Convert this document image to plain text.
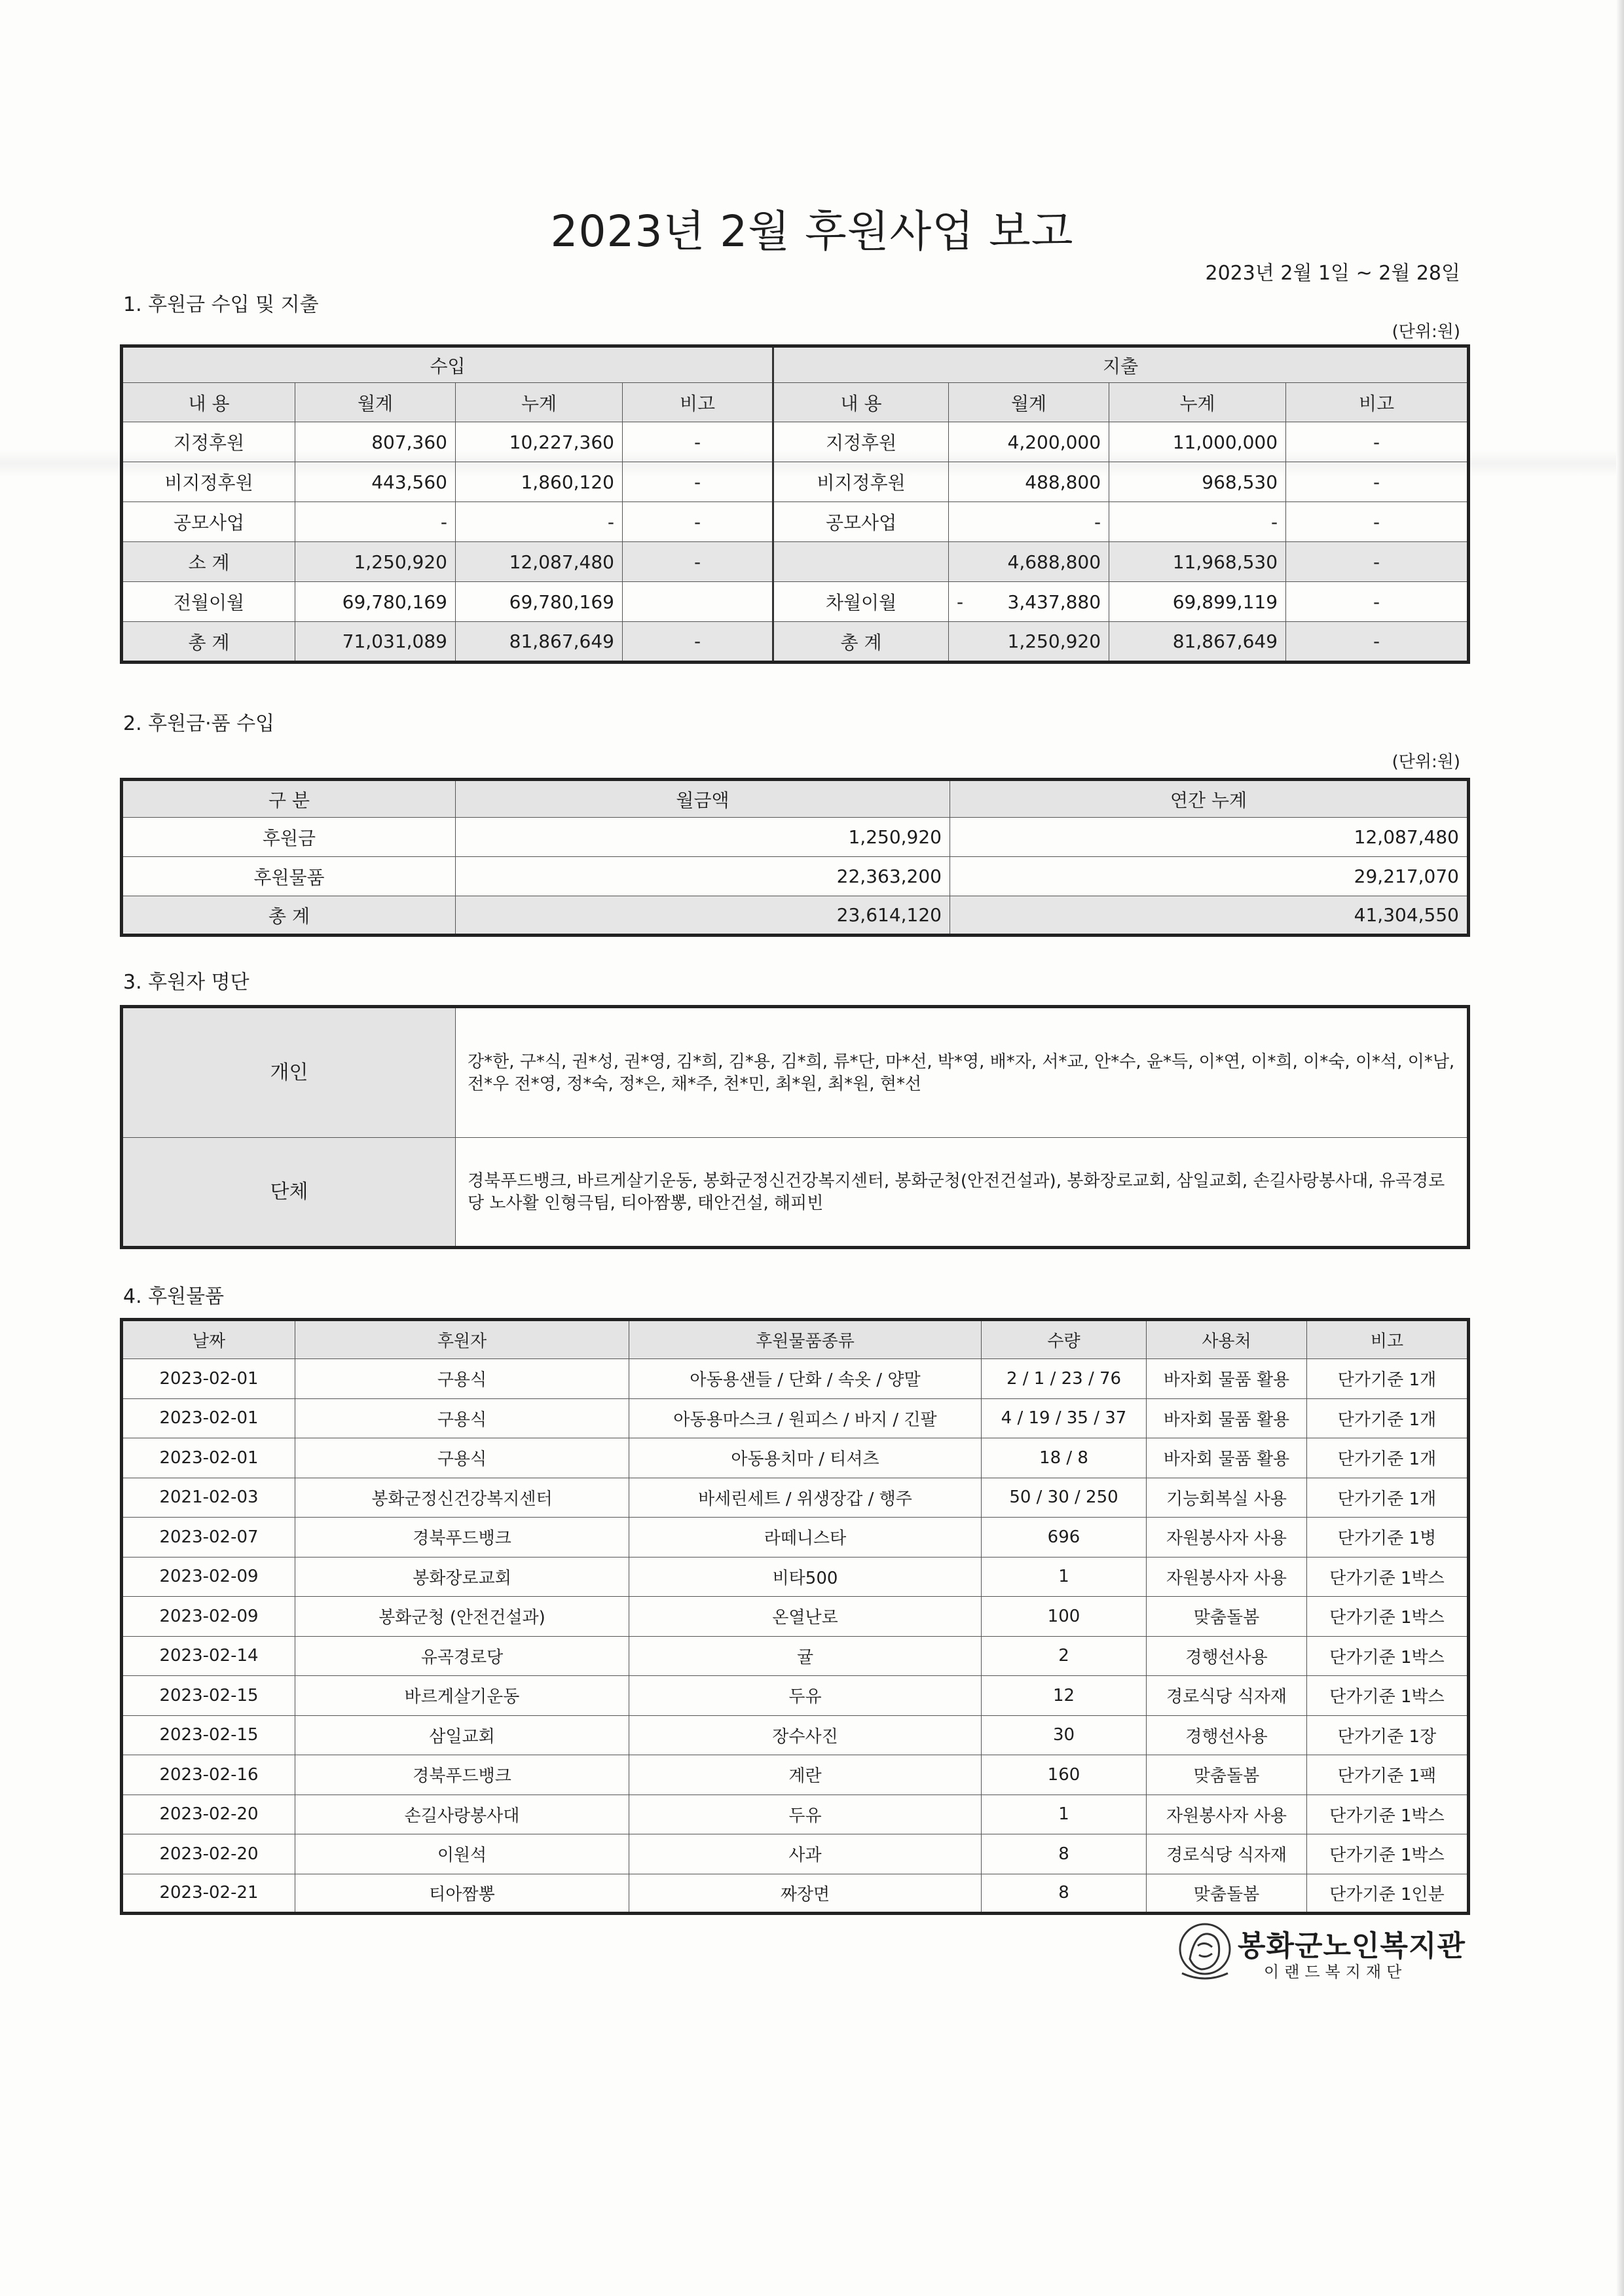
2023년 2월 후원사업 보고
2023년 2월 1일 ~ 2월 28일
1. 후원금 수입 및 지출
(단위:원)
수입				지출			
내 용	월계	누계	비고	내 용	월계	누계	비고
지정후원	807,360	10,227,360	-	지정후원	4,200,000	11,000,000	-
비지정후원	443,560	1,860,120	-	비지정후원	488,800	968,530	-
공모사업	-	-	-	공모사업	-	-	-
소 계	1,250,920	12,087,480	-		4,688,800	11,968,530	-
전월이월	69,780,169	69,780,169		차월이월	- 3,437,880	69,899,119	-
총 계	71,031,089	81,867,649	-	총 계	1,250,920	81,867,649	-
2. 후원금·품 수입
(단위:원)
구 분	월금액	연간 누계
후원금	1,250,920	12,087,480
후원물품	22,363,200	29,217,070
총 계	23,614,120	41,304,550
3. 후원자 명단
개인	강*한, 구*식, 권*성, 권*영, 김*희, 김*용, 김*희, 류*단, 마*선, 박*영, 배*자, 서*교, 안*수, 윤*득, 이*연, 이*희, 이*숙, 이*석, 이*남, 전*우 전*영, 정*숙, 정*은, 채*주, 천*민, 최*원, 최*원, 현*선
단체	경북푸드뱅크, 바르게살기운동, 봉화군정신건강복지센터, 봉화군청(안전건설과), 봉화장로교회, 삼일교회, 손길사랑봉사대, 유곡경로당 노사활 인형극팀, 티아짬뽕, 태안건설, 해피빈
4. 후원물품
날짜	후원자	후원물품종류	수량	사용처	비고
2023-02-01	구용식	아동용샌들 / 단화 / 속옷 / 양말	2 / 1 / 23 / 76	바자회 물품 활용	단가기준 1개
2023-02-01	구용식	아동용마스크 / 원피스 / 바지 / 긴팔	4 / 19 / 35 / 37	바자회 물품 활용	단가기준 1개
2023-02-01	구용식	아동용치마 / 티셔츠	18 / 8	바자회 물품 활용	단가기준 1개
2021-02-03	봉화군정신건강복지센터	바세린세트 / 위생장갑 / 행주	50 / 30 / 250	기능회복실 사용	단가기준 1개
2023-02-07	경북푸드뱅크	라떼니스타	696	자원봉사자 사용	단가기준 1병
2023-02-09	봉화장로교회	비타500	1	자원봉사자 사용	단가기준 1박스
2023-02-09	봉화군청 (안전건설과)	온열난로	100	맞춤돌봄	단가기준 1박스
2023-02-14	유곡경로당	귤	2	경행선사용	단가기준 1박스
2023-02-15	바르게살기운동	두유	12	경로식당 식자재	단가기준 1박스
2023-02-15	삼일교회	장수사진	30	경행선사용	단가기준 1장
2023-02-16	경북푸드뱅크	계란	160	맞춤돌봄	단가기준 1팩
2023-02-20	손길사랑봉사대	두유	1	자원봉사자 사용	단가기준 1박스
2023-02-20	이원석	사과	8	경로식당 식자재	단가기준 1박스
2023-02-21	티아짬뽕	짜장면	8	맞춤돌봄	단가기준 1인분
봉화군노인복지관
이랜드복지재단
